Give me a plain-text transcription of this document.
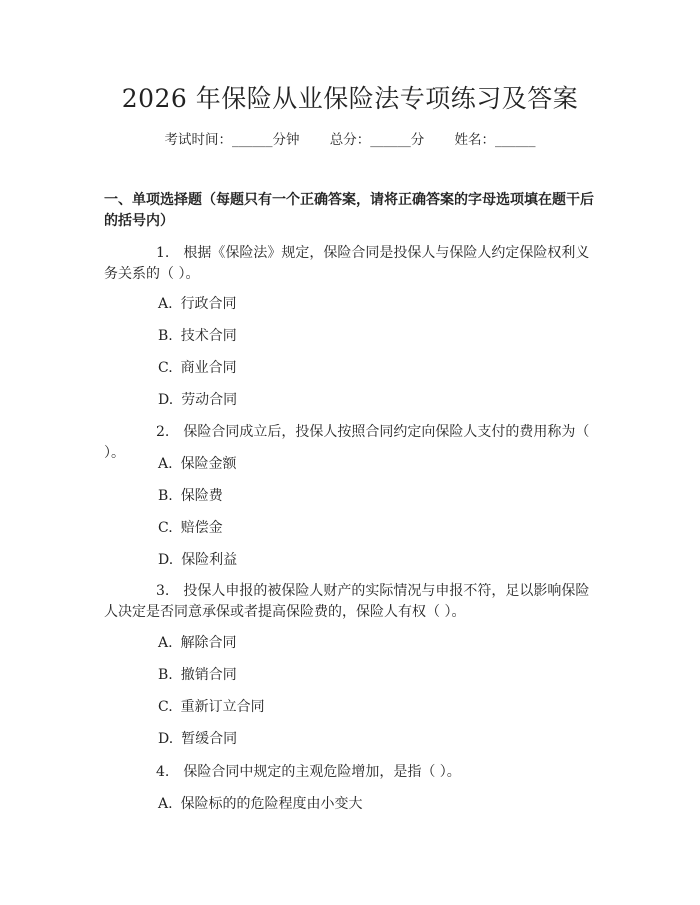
2026 年保险从业保险法专项练习及答案
考试时间：______分钟 总分：______分 姓名：______

一、单项选择题（每题只有一个正确答案，请将正确答案的字母选项填在题干后的括号内）

1. 根据《保险法》规定，保险合同是投保人与保险人约定保险权利义务关系的（ ）。

A. 行政合同
B. 技术合同
C. 商业合同
D. 劳动合同

2. 保险合同成立后，投保人按照合同约定向保险人支付的费用称为（ ）。

A. 保险金额
B. 保险费
C. 赔偿金
D. 保险利益

3. 投保人申报的被保险人财产的实际情况与申报不符，足以影响保险人决定是否同意承保或者提高保险费的，保险人有权（ ）。

A. 解除合同
B. 撤销合同
C. 重新订立合同
D. 暂缓合同

4. 保险合同中规定的主观危险增加，是指（ ）。

A. 保险标的的危险程度由小变大
